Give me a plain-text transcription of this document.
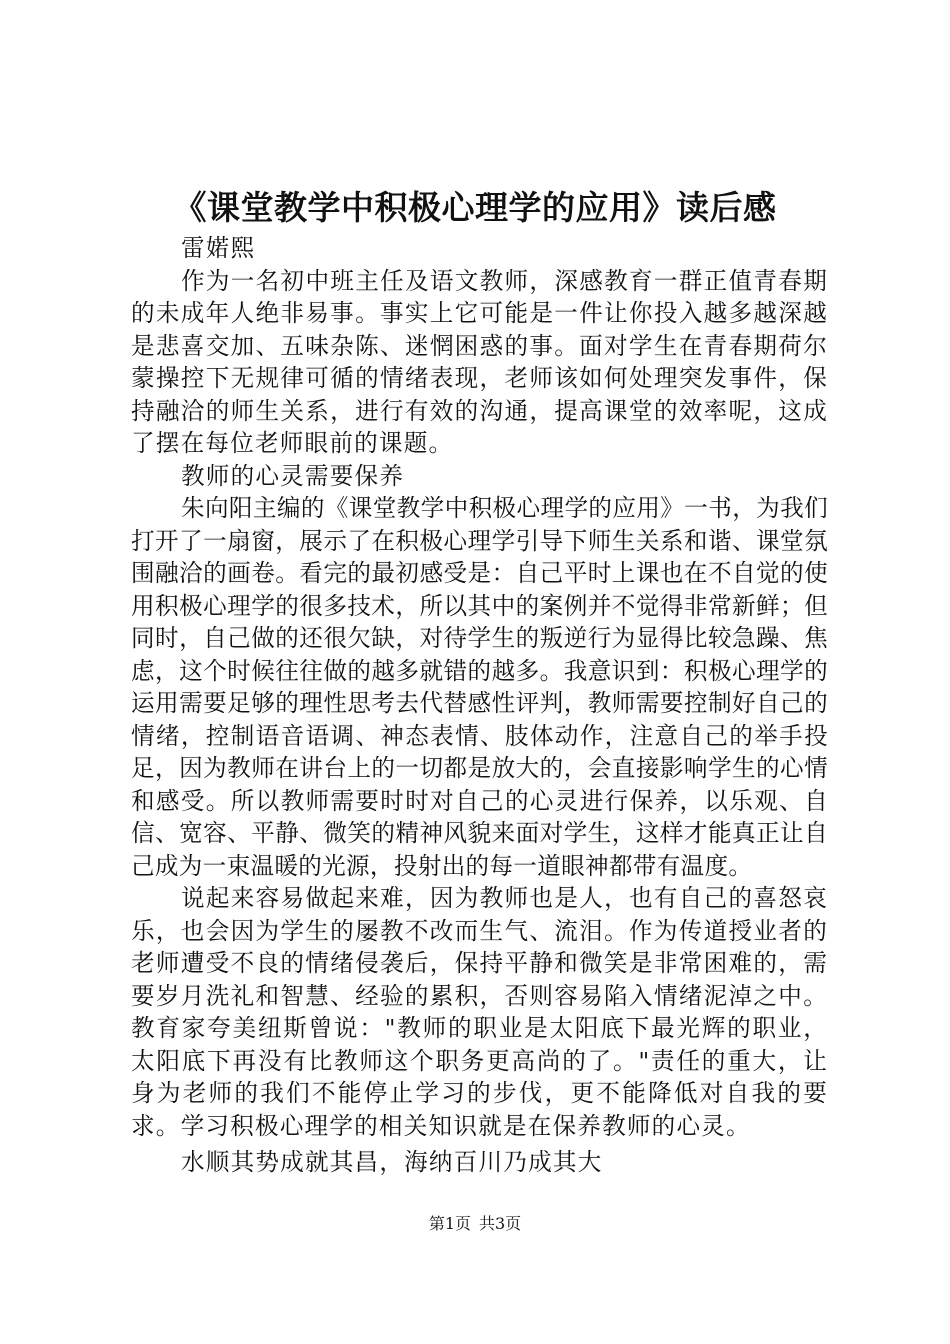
《课堂教学中积极心理学的应用》读后感

雷婼熙

作为一名初中班主任及语文教师，深感教育一群正值青春期的未成年人绝非易事。事实上它可能是一件让你投入越多越深越是悲喜交加、五味杂陈、迷惘困惑的事。面对学生在青春期荷尔蒙操控下无规律可循的情绪表现，老师该如何处理突发事件，保持融洽的师生关系，进行有效的沟通，提高课堂的效率呢，这成了摆在每位老师眼前的课题。

教师的心灵需要保养

朱向阳主编的《课堂教学中积极心理学的应用》一书，为我们打开了一扇窗，展示了在积极心理学引导下师生关系和谐、课堂氛围融洽的画卷。看完的最初感受是：自己平时上课也在不自觉的使用积极心理学的很多技术，所以其中的案例并不觉得非常新鲜；但同时，自己做的还很欠缺，对待学生的叛逆行为显得比较急躁、焦虑，这个时候往往做的越多就错的越多。我意识到：积极心理学的运用需要足够的理性思考去代替感性评判，教师需要控制好自己的情绪，控制语音语调、神态表情、肢体动作，注意自己的举手投足，因为教师在讲台上的一切都是放大的，会直接影响学生的心情和感受。所以教师需要时时对自己的心灵进行保养，以乐观、自信、宽容、平静、微笑的精神风貌来面对学生，这样才能真正让自己成为一束温暖的光源，投射出的每一道眼神都带有温度。

说起来容易做起来难，因为教师也是人，也有自己的喜怒哀乐，也会因为学生的屡教不改而生气、流泪。作为传道授业者的老师遭受不良的情绪侵袭后，保持平静和微笑是非常困难的，需要岁月洗礼和智慧、经验的累积，否则容易陷入情绪泥淖之中。教育家夸美纽斯曾说："教师的职业是太阳底下最光辉的职业，太阳底下再没有比教师这个职务更高尚的了。"责任的重大，让身为老师的我们不能停止学习的步伐，更不能降低对自我的要求。学习积极心理学的相关知识就是在保养教师的心灵。

水顺其势成就其昌，海纳百川乃成其大

第1页 共3页
